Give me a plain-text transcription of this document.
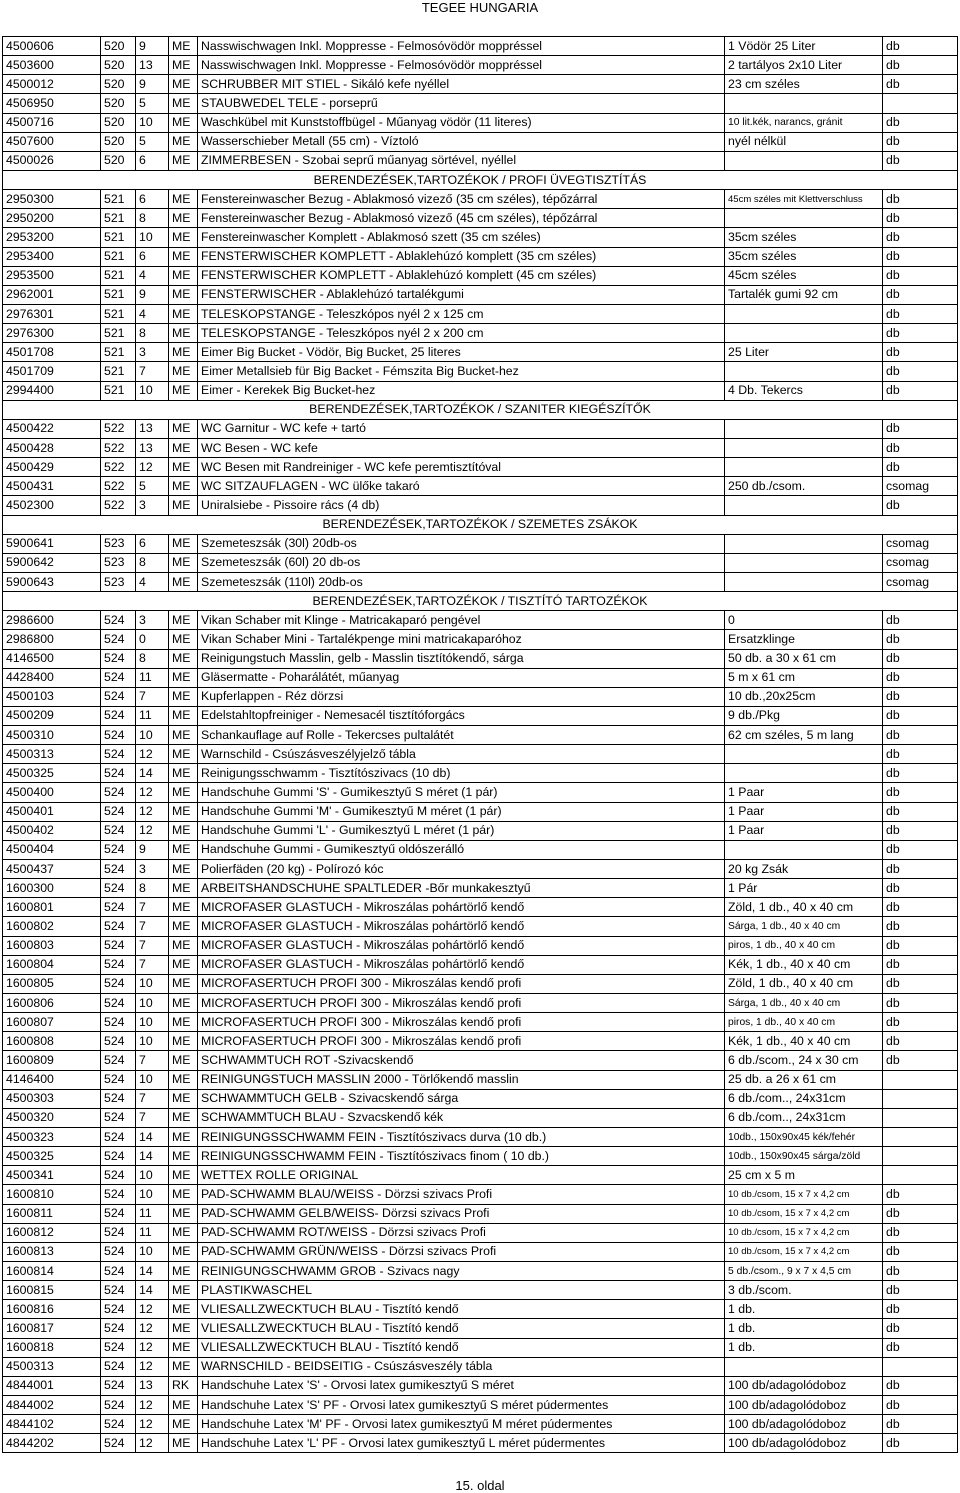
TEGEE HUNGARIA
4500606	520	9	ME	Nasswischwagen Inkl. Moppresse - Felmosóvödör moppréssel	1 Vödör 25 Liter	db
4503600	520	13	ME	Nasswischwagen Inkl. Moppresse - Felmosóvödör moppréssel	2 tartályos 2x10 Liter	db
4500012	520	9	ME	SCHRUBBER MIT STIEL - Sikáló kefe nyéllel	23 cm széles	db
4506950	520	5	ME	STAUBWEDEL TELE - porseprű		
4500716	520	10	ME	Waschkübel mit Kunststoffbügel - Műanyag vödör (11 literes)	10 lit.kék, narancs, gránit	db
4507600	520	5	ME	Wasserschieber Metall (55 cm) - Víztoló	nyél nélkül	db
4500026	520	6	ME	ZIMMERBESEN - Szobai seprű műanyag sörtével, nyéllel		db
BERENDEZÉSEK,TARTOZÉKOK / PROFI ÜVEGTISZTÍTÁS						
2950300	521	6	ME	Fenstereinwascher Bezug - Ablakmosó vizező (35 cm széles), tépőzárral	45cm széles mit Klettverschluss	db
2950200	521	8	ME	Fenstereinwascher Bezug - Ablakmosó vizező (45 cm széles), tépőzárral		db
2953200	521	10	ME	Fenstereinwascher Komplett - Ablakmosó szett (35 cm széles)	35cm széles	db
2953400	521	6	ME	FENSTERWISCHER KOMPLETT - Ablaklehúzó komplett (35 cm széles)	35cm széles	db
2953500	521	4	ME	FENSTERWISCHER KOMPLETT - Ablaklehúzó komplett (45 cm széles)	45cm széles	db
2962001	521	9	ME	FENSTERWISCHER - Ablaklehúzó tartalékgumi	Tartalék gumi 92 cm	db
2976301	521	4	ME	TELESKOPSTANGE - Teleszkópos nyél 2 x 125 cm		db
2976300	521	8	ME	TELESKOPSTANGE - Teleszkópos nyél 2 x 200 cm		db
4501708	521	3	ME	Eimer Big Bucket - Vödör, Big Bucket, 25 literes	25 Liter	db
4501709	521	7	ME	Eimer Metallsieb für Big Backet - Fémszita Big Bucket-hez		db
2994400	521	10	ME	Eimer - Kerekek Big Bucket-hez	4 Db. Tekercs	db
BERENDEZÉSEK,TARTOZÉKOK / SZANITER KIEGÉSZÍTŐK						
4500422	522	13	ME	WC Garnitur - WC kefe + tartó		db
4500428	522	13	ME	WC Besen - WC kefe		db
4500429	522	12	ME	WC Besen mit Randreiniger - WC kefe peremtisztítóval		db
4500431	522	5	ME	WC SITZAUFLAGEN - WC ülőke takaró	250 db./csom.	csomag
4502300	522	3	ME	Uniralsiebe - Pissoire rács (4 db)		db
BERENDEZÉSEK,TARTOZÉKOK / SZEMETES ZSÁKOK						
5900641	523	6	ME	Szemeteszsák (30l) 20db-os		csomag
5900642	523	8	ME	Szemeteszsák (60l) 20 db-os		csomag
5900643	523	4	ME	Szemeteszsák (110l) 20db-os		csomag
BERENDEZÉSEK,TARTOZÉKOK / TISZTÍTÓ TARTOZÉKOK						
2986600	524	3	ME	Vikan Schaber mit Klinge - Matricakaparó pengével	0	db
2986800	524	0	ME	Vikan Schaber Mini - Tartalékpenge mini matricakaparóhoz	Ersatzklinge	db
4146500	524	8	ME	Reinigungstuch Masslin, gelb - Masslin tisztítókendő, sárga	50 db. a 30 x 61 cm	db
4428400	524	11	ME	Gläsermatte - Poharálátét, műanyag	5 m x 61 cm	db
4500103	524	7	ME	Kupferlappen - Réz dörzsi	10 db.,20x25cm	db
4500209	524	11	ME	Edelstahltopfreiniger - Nemesacél tisztítóforgács	9 db./Pkg	db
4500310	524	10	ME	Schankauflage auf Rolle - Tekercses pultalátét	62 cm széles, 5 m lang	db
4500313	524	12	ME	Warnschild - Csúszásveszélyjelző tábla		db
4500325	524	14	ME	Reinigungsschwamm - Tisztítószivacs (10 db)		db
4500400	524	12	ME	Handschuhe Gummi 'S' - Gumikesztyű S méret (1 pár)	1 Paar	db
4500401	524	12	ME	Handschuhe Gummi 'M' - Gumikesztyű M méret (1 pár)	1 Paar	db
4500402	524	12	ME	Handschuhe Gummi 'L' - Gumikesztyű L méret (1 pár)	1 Paar	db
4500404	524	9	ME	Handschuhe Gummi - Gumikesztyű oldószerálló		db
4500437	524	3	ME	Polierfäden (20 kg) - Polírozó kóc	20 kg Zsák	db
1600300	524	8	ME	ARBEITSHANDSCHUHE SPALTLEDER -Bőr munkakesztyű	1 Pár	db
1600801	524	7	ME	MICROFASER GLASTUCH - Mikroszálas pohártörlő kendő	Zöld, 1 db., 40 x 40 cm	db
1600802	524	7	ME	MICROFASER GLASTUCH - Mikroszálas pohártörlő kendő	Sárga, 1 db., 40 x 40 cm	db
1600803	524	7	ME	MICROFASER GLASTUCH - Mikroszálas pohártörlő kendő	piros, 1 db., 40 x 40 cm	db
1600804	524	7	ME	MICROFASER GLASTUCH - Mikroszálas pohártörlő kendő	Kék, 1 db., 40 x 40 cm	db
1600805	524	10	ME	MICROFASERTUCH PROFI 300 - Mikroszálas kendő profi	Zöld, 1 db., 40 x 40 cm	db
1600806	524	10	ME	MICROFASERTUCH PROFI 300 - Mikroszálas kendő profi	Sárga, 1 db., 40 x 40 cm	db
1600807	524	10	ME	MICROFASERTUCH PROFI 300 - Mikroszálas kendő profi	piros, 1 db., 40 x 40 cm	db
1600808	524	10	ME	MICROFASERTUCH PROFI 300 - Mikroszálas kendő profi	Kék, 1 db., 40 x 40 cm	db
1600809	524	7	ME	SCHWAMMTUCH ROT -Szivacskendő	6 db./scom., 24 x 30 cm	db
4146400	524	10	ME	REINIGUNGSTUCH MASSLIN 2000 - Törlőkendő masslin	25 db. a 26 x 61 cm	
4500303	524	7	ME	SCHWAMMTUCH GELB - Szivacskendő sárga	6 db./com.., 24x31cm	
4500320	524	7	ME	SCHWAMMTUCH BLAU - Szvacskendő kék	6 db./com.., 24x31cm	
4500323	524	14	ME	REINIGUNGSSCHWAMM FEIN - Tisztítószivacs durva (10 db.)	10db., 150x90x45 kék/fehér	
4500325	524	14	ME	REINIGUNGSSCHWAMM FEIN - Tisztítószivacs finom ( 10 db.)	10db., 150x90x45 sárga/zöld	
4500341	524	10	ME	WETTEX ROLLE ORIGINAL	25 cm x 5 m	
1600810	524	10	ME	PAD-SCHWAMM BLAU/WEISS - Dörzsi szivacs Profi	10 db./csom, 15 x 7 x 4,2 cm	db
1600811	524	11	ME	PAD-SCHWAMM GELB/WEISS- Dörzsi szivacs Profi	10 db./csom, 15 x 7 x 4,2 cm	db
1600812	524	11	ME	PAD-SCHWAMM ROT/WEISS - Dörzsi szivacs Profi	10 db./csom, 15 x 7 x 4,2 cm	db
1600813	524	10	ME	PAD-SCHWAMM GRÜN/WEISS - Dörzsi szivacs Profi	10 db./csom, 15 x 7 x 4,2 cm	db
1600814	524	14	ME	REINIGUNGSCHWAMM GROB - Szivacs nagy	5 db./csom., 9 x 7 x 4,5 cm	db
1600815	524	14	ME	PLASTIKWASCHEL	3 db./scom.	db
1600816	524	12	ME	VLIESALLZWECKTUCH BLAU - Tisztító kendő	1 db.	db
1600817	524	12	ME	VLIESALLZWECKTUCH BLAU - Tisztító kendő	1 db.	db
1600818	524	12	ME	VLIESALLZWECKTUCH BLAU - Tisztító kendő	1 db.	db
4500313	524	12	ME	WARNSCHILD - BEIDSEITIG - Csúszásveszély tábla		
4844001	524	13	RK	Handschuhe Latex 'S' - Orvosi latex gumikesztyű S méret	100 db/adagolódoboz	db
4844002	524	12	ME	Handschuhe Latex 'S' PF - Orvosi latex gumikesztyű S méret púdermentes	100 db/adagolódoboz	db
4844102	524	12	ME	Handschuhe Latex 'M' PF - Orvosi latex gumikesztyű M méret púdermentes	100 db/adagolódoboz	db
4844202	524	12	ME	Handschuhe Latex 'L' PF - Orvosi latex gumikesztyű L méret púdermentes	100 db/adagolódoboz	db
15. oldal
